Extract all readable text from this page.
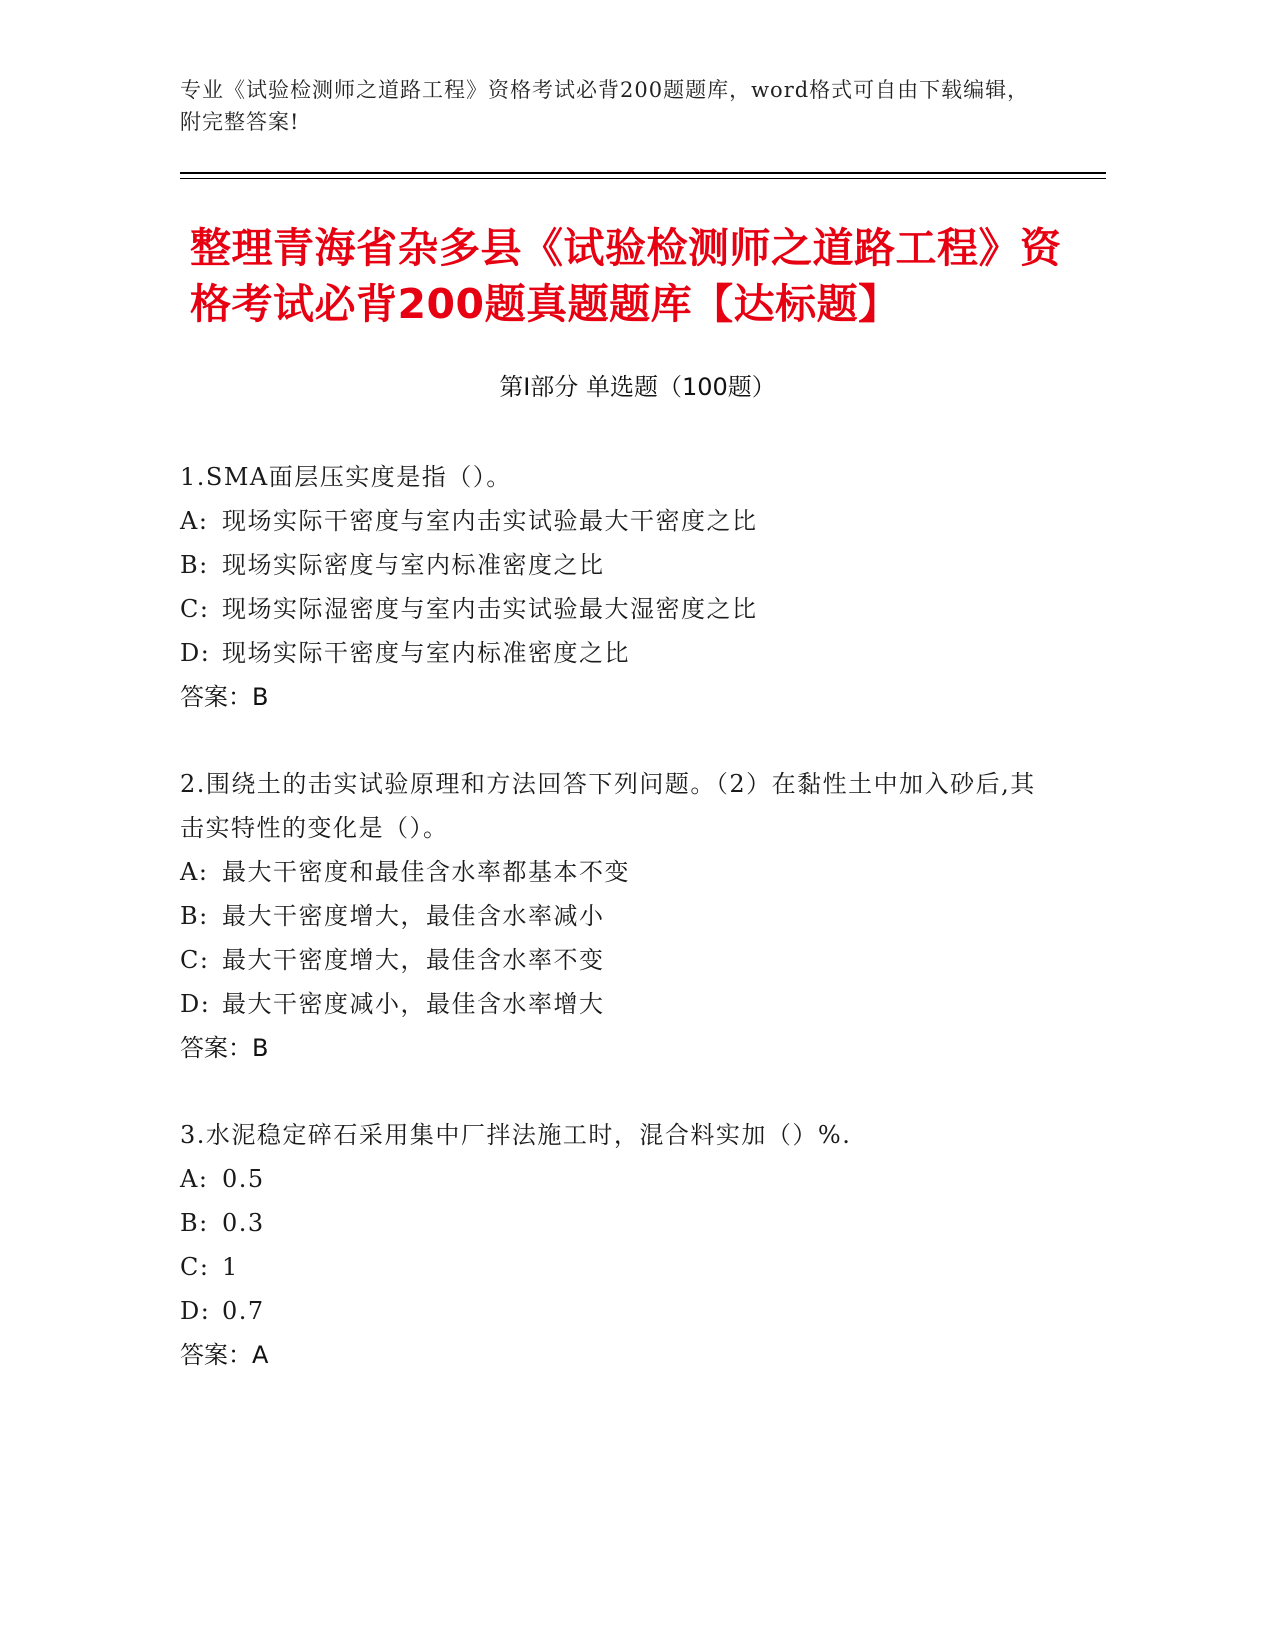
专业《试验检测师之道路工程》资格考试必背200题题库，word格式可自由下载编辑，附完整答案!
整理青海省杂多县《试验检测师之道路工程》资格考试必背200题真题题库【达标题】
第Ⅰ部分 单选题（100题）
1.SMA面层压实度是指（）。
A: 现场实际干密度与室内击实试验最大干密度之比
B: 现场实际密度与室内标准密度之比
C: 现场实际湿密度与室内击实试验最大湿密度之比
D: 现场实际干密度与室内标准密度之比
答案：B
2.围绕土的击实试验原理和方法回答下列问题。（2）在黏性土中加入砂后,其击实特性的变化是（）。
A: 最大干密度和最佳含水率都基本不变
B: 最大干密度增大，最佳含水率减小
C: 最大干密度增大，最佳含水率不变
D: 最大干密度减小，最佳含水率增大
答案：B
3.水泥稳定碎石采用集中厂拌法施工时，混合料实加（）%.
A: 0.5
B: 0.3
C: 1
D: 0.7
答案：A
